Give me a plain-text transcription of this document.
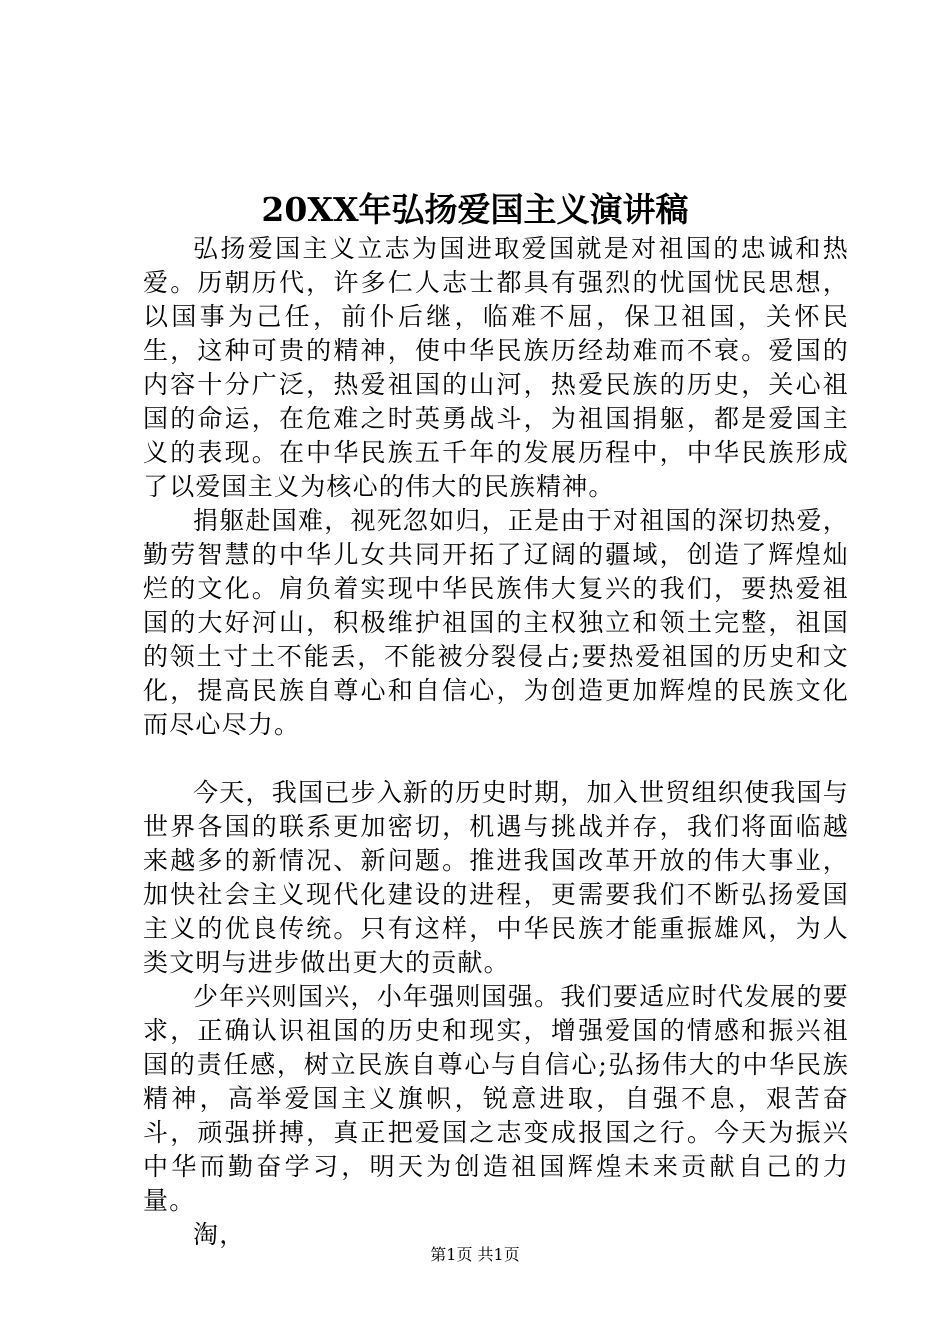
20XX年弘扬爱国主义演讲稿

弘扬爱国主义立志为国进取爱国就是对祖国的忠诚和热爱。历朝历代，许多仁人志士都具有强烈的忧国忧民思想，以国事为己任，前仆后继，临难不屈，保卫祖国，关怀民生，这种可贵的精神，使中华民族历经劫难而不衰。爱国的内容十分广泛，热爱祖国的山河，热爱民族的历史，关心祖国的命运，在危难之时英勇战斗，为祖国捐躯，都是爱国主义的表现。在中华民族五千年的发展历程中，中华民族形成了以爱国主义为核心的伟大的民族精神。

捐躯赴国难，视死忽如归，正是由于对祖国的深切热爱，勤劳智慧的中华儿女共同开拓了辽阔的疆域，创造了辉煌灿烂的文化。肩负着实现中华民族伟大复兴的我们，要热爱祖国的大好河山，积极维护祖国的主权独立和领土完整，祖国的领土寸土不能丢，不能被分裂侵占;要热爱祖国的历史和文化，提高民族自尊心和自信心，为创造更加辉煌的民族文化而尽心尽力。

今天，我国已步入新的历史时期，加入世贸组织使我国与世界各国的联系更加密切，机遇与挑战并存，我们将面临越来越多的新情况、新问题。推进我国改革开放的伟大事业，加快社会主义现代化建设的进程，更需要我们不断弘扬爱国主义的优良传统。只有这样，中华民族才能重振雄风，为人类文明与进步做出更大的贡献。

少年兴则国兴，小年强则国强。我们要适应时代发展的要求，正确认识祖国的历史和现实，增强爱国的情感和振兴祖国的责任感，树立民族自尊心与自信心;弘扬伟大的中华民族精神，高举爱国主义旗帜，锐意进取，自强不息，艰苦奋斗，顽强拼搏，真正把爱国之志变成报国之行。今天为振兴中华而勤奋学习，明天为创造祖国辉煌未来贡献自己的力量。

淘，

第1页 共1页
